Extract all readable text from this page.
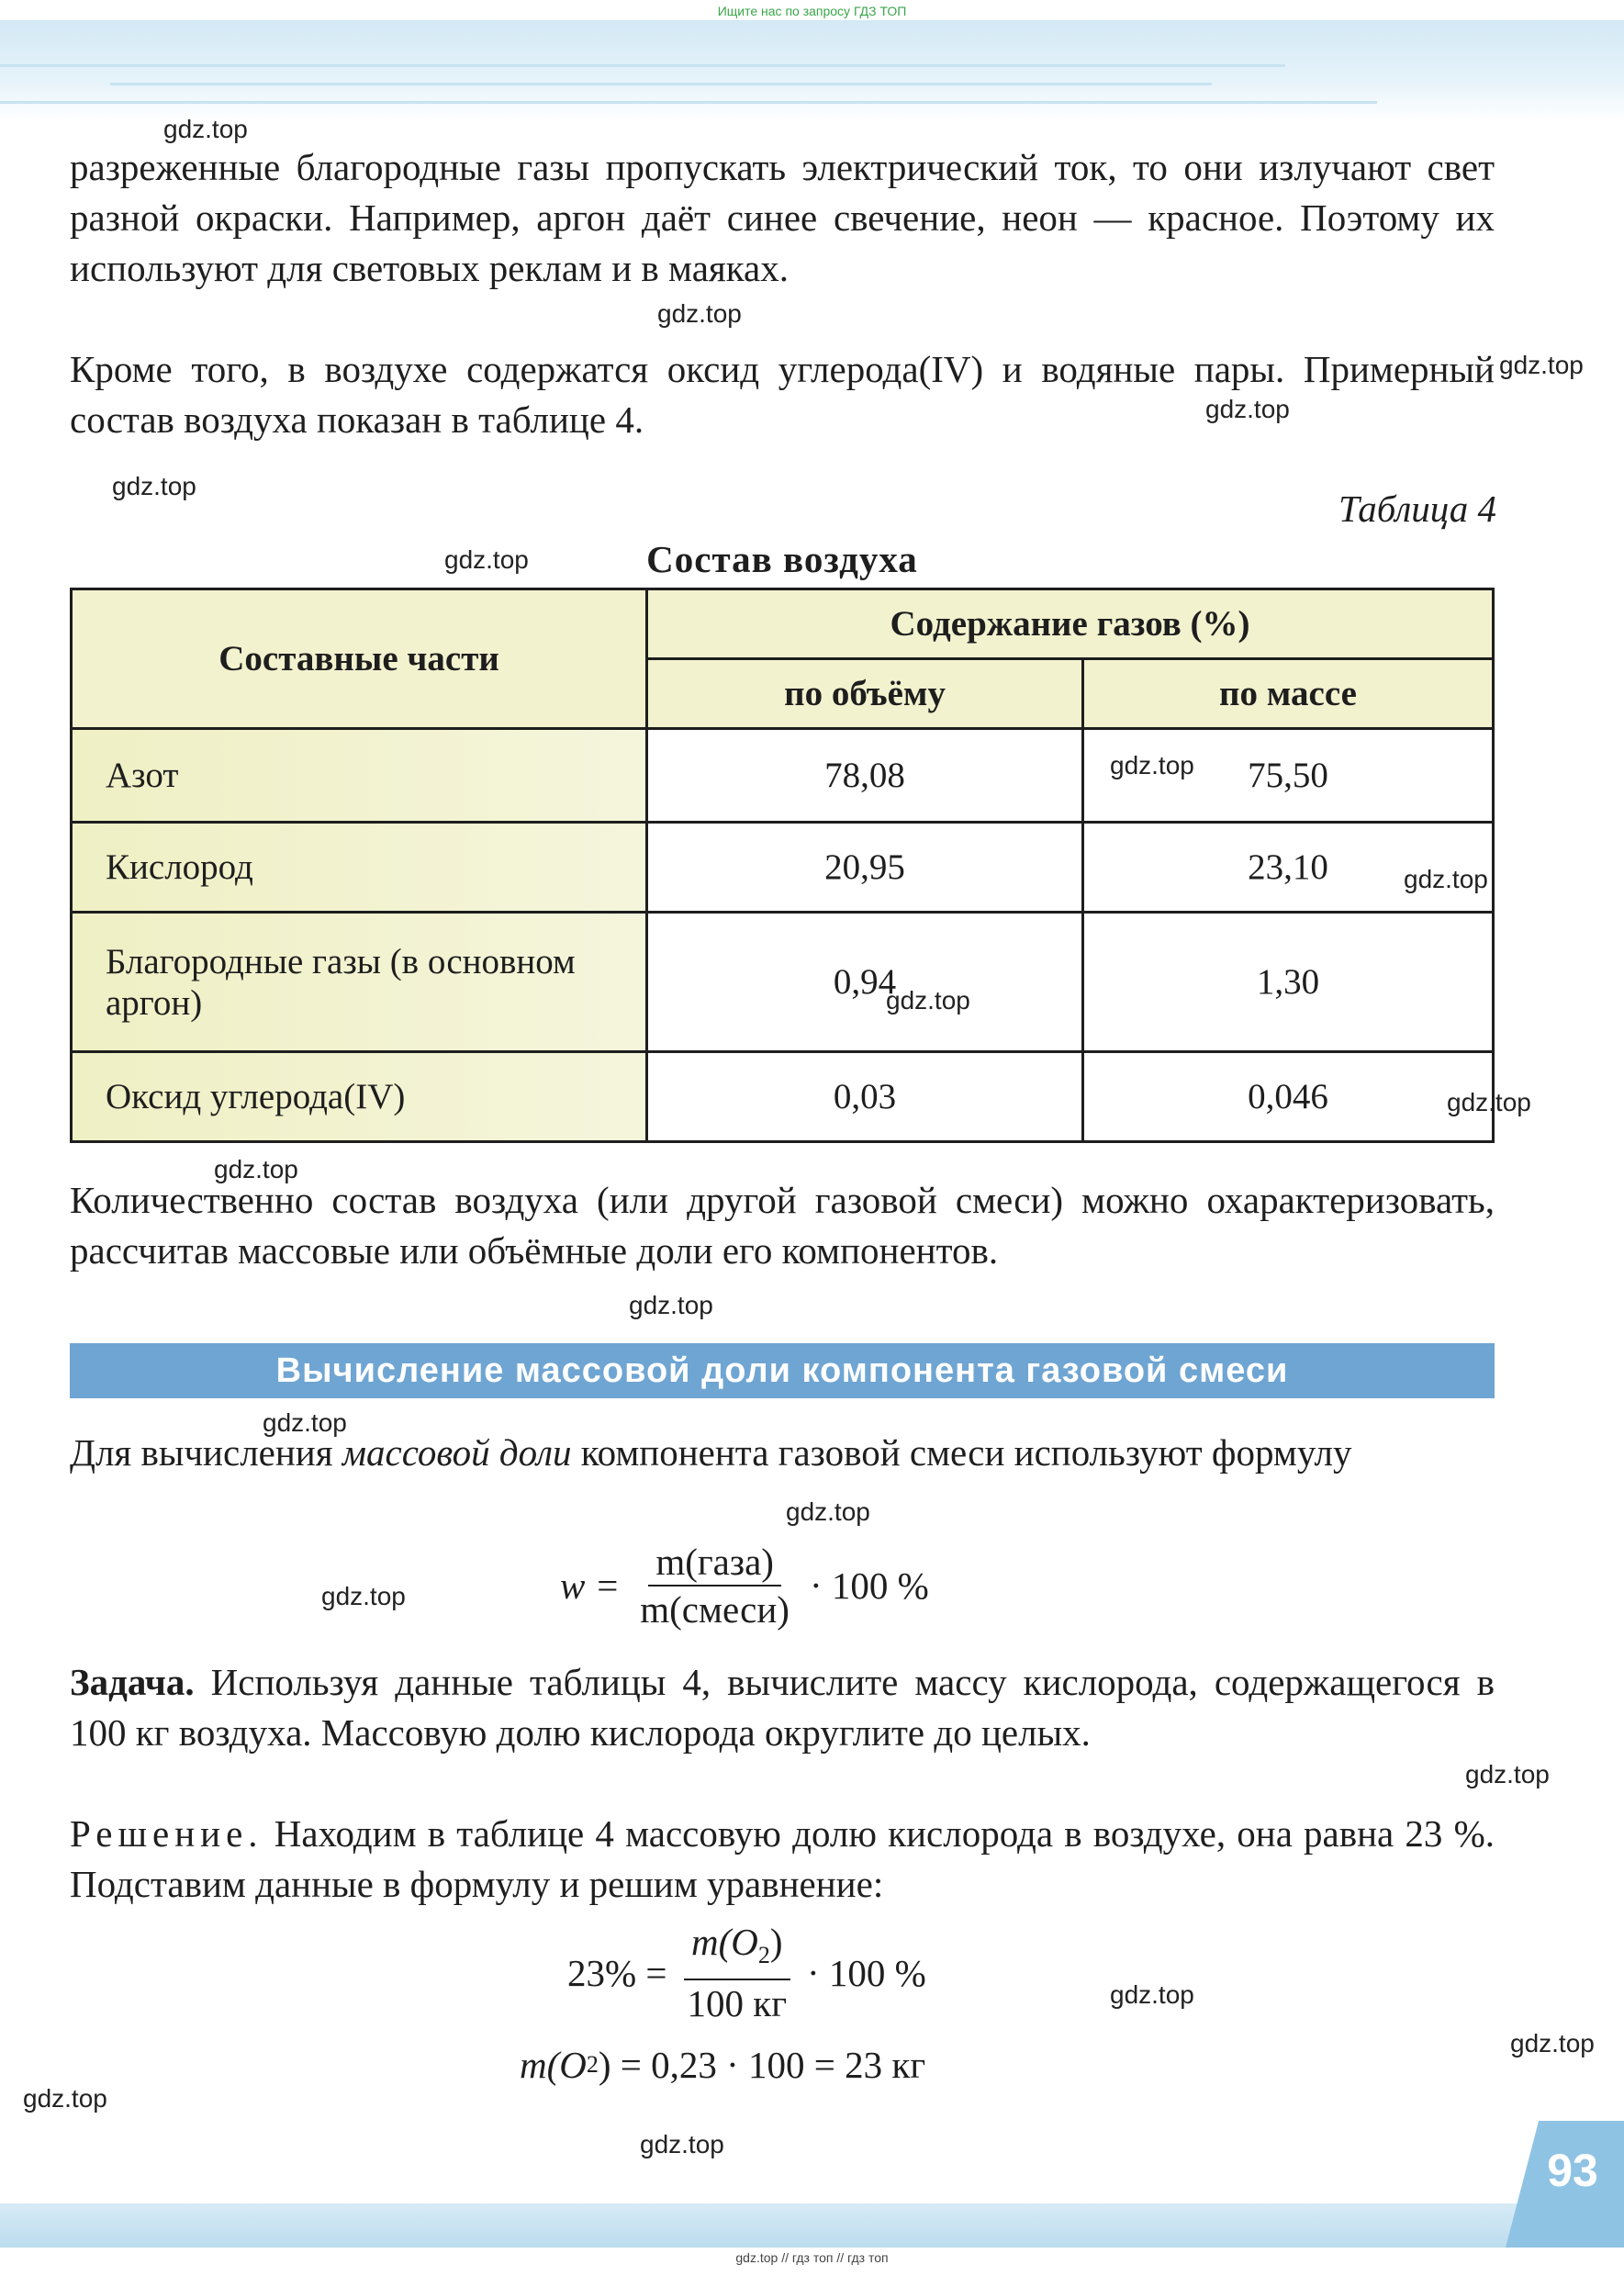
Ищите нас по запросу ГДЗ ТОП

разреженные благородные газы пропускать электрический ток, то они излучают свет разной окраски. Например, аргон даёт синее свечение, неон — красное. Поэтому их используют для световых реклам и в маяках.

Кроме того, в воздухе содержатся оксид углерода(IV) и водяные пары. Примерный состав воздуха показан в таблице 4.

Таблица 4
Состав воздуха
Составные части	Содержание газов (%)	
	по объёму	по массе
Азот	78,08	75,50
Кислород	20,95	23,10
Благородные газы (в основном аргон)	0,94	1,30
Оксид углерода(IV)	0,03	0,046

Количественно состав воздуха (или другой газовой смеси) можно охарактеризовать, рассчитав массовые или объёмные доли его компонентов.

Вычисление массовой доли компонента газовой смеси

Для вычисления массовой доли компонента газовой смеси используют формулу

$w = \frac{\text{m(газа)}}{\text{m(смеси)}} \cdot 100$ %

Задача. Используя данные таблицы 4, вычислите массу кислорода, содержащегося в 100 кг воздуха. Массовую долю кислорода округлите до целых.

Решение. Находим в таблице 4 массовую долю кислорода в воздухе, она равна 23 %. Подставим данные в формулу и решим уравнение:

$23\% = \frac{m(O_2)}{100 кг} \cdot 100$ %
m(O 2 ) = 0,23 · 100 = 23 кг
gdz.top
gdz.top
gdz.top
gdz.top
gdz.top
gdz.top
gdz.top
gdz.top
gdz.top
gdz.top
gdz.top
gdz.top
gdz.top
gdz.top
gdz.top
gdz.top
gdz.top
gdz.top
gdz.top
gdz.top
93
gdz.top // гдз топ // гдз топ
